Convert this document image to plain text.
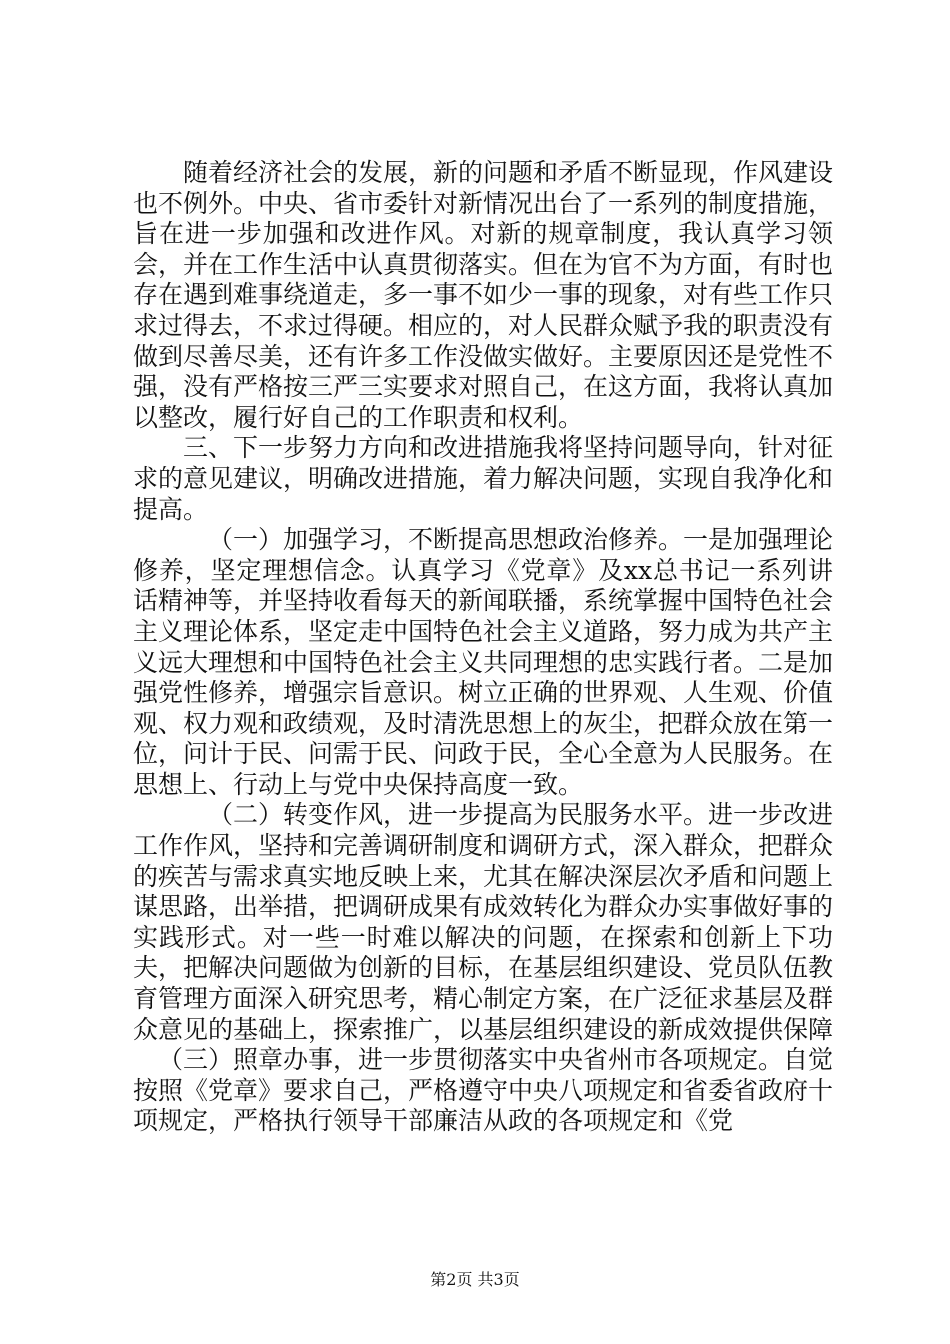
随着经济社会的发展，新的问题和矛盾不断显现，作风建设也不例外。中央、省市委针对新情况出台了一系列的制度措施，旨在进一步加强和改进作风。对新的规章制度，我认真学习领会，并在工作生活中认真贯彻落实。但在为官不为方面，有时也存在遇到难事绕道走，多一事不如少一事的现象，对有些工作只求过得去，不求过得硬。相应的，对人民群众赋予我的职责没有做到尽善尽美，还有许多工作没做实做好。主要原因还是党性不强，没有严格按三严三实要求对照自己，在这方面，我将认真加以整改，履行好自己的工作职责和权利。

三、下一步努力方向和改进措施我将坚持问题导向，针对征求的意见建议，明确改进措施，着力解决问题，实现自我净化和提高。

（一）加强学习，不断提高思想政治修养。一是加强理论修养，坚定理想信念。认真学习《党章》及xx总书记一系列讲话精神等，并坚持收看每天的新闻联播，系统掌握中国特色社会主义理论体系，坚定走中国特色社会主义道路，努力成为共产主义远大理想和中国特色社会主义共同理想的忠实践行者。二是加强党性修养，增强宗旨意识。树立正确的世界观、人生观、价值观、权力观和政绩观，及时清洗思想上的灰尘，把群众放在第一位，问计于民、问需于民、问政于民，全心全意为人民服务。在思想上、行动上与党中央保持高度一致。

（二）转变作风，进一步提高为民服务水平。进一步改进工作作风，坚持和完善调研制度和调研方式，深入群众，把群众的疾苦与需求真实地反映上来，尤其在解决深层次矛盾和问题上谋思路，出举措，把调研成果有成效转化为群众办实事做好事的实践形式。对一些一时难以解决的问题，在探索和创新上下功夫，把解决问题做为创新的目标，在基层组织建设、党员队伍教育管理方面深入研究思考，精心制定方案，在广泛征求基层及群众意见的基础上，探索推广，以基层组织建设的新成效提供保障

（三）照章办事，进一步贯彻落实中央省州市各项规定。自觉按照《党章》要求自己，严格遵守中央八项规定和省委省政府十项规定，严格执行领导干部廉洁从政的各项规定和《党

第2页 共3页
